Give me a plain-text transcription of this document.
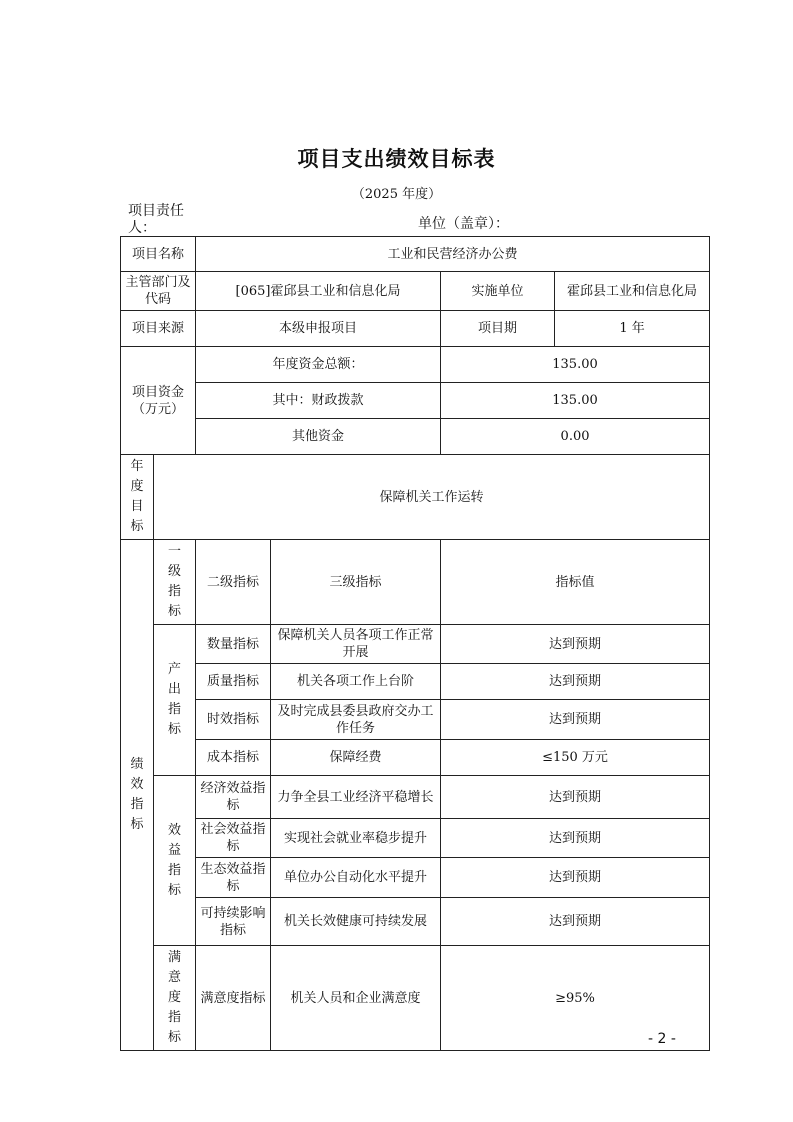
项目支出绩效目标表
（2025 年度）
项目责任人：	单位（盖章）：
项目名称		工业和民营经济办公费			
主管部门及代码		[065]霍邱县工业和信息化局		实施单位	霍邱县工业和信息化局
项目来源		本级申报项目		项目期	1 年
项目资金（万元）		年度资金总额：		135.00	
		其中：财政拨款		135.00	
		其他资金		0.00	
年度目标	保障机关工作运转				
绩效指标	一级指标	二级指标	三级指标	指标值	
	产出指标	数量指标	保障机关人员各项工作正常开展	达到预期	
		质量指标	机关各项工作上台阶	达到预期	
		时效指标	及时完成县委县政府交办工作任务	达到预期	
		成本指标	保障经费	≤150 万元	
	效益指标	经济效益指标	力争全县工业经济平稳增长	达到预期	
		社会效益指标	实现社会就业率稳步提升	达到预期	
		生态效益指标	单位办公自动化水平提升	达到预期	
		可持续影响指标	机关长效健康可持续发展	达到预期	
	满意度指标	满意度指标	机关人员和企业满意度	≥95%	
- 2 -
